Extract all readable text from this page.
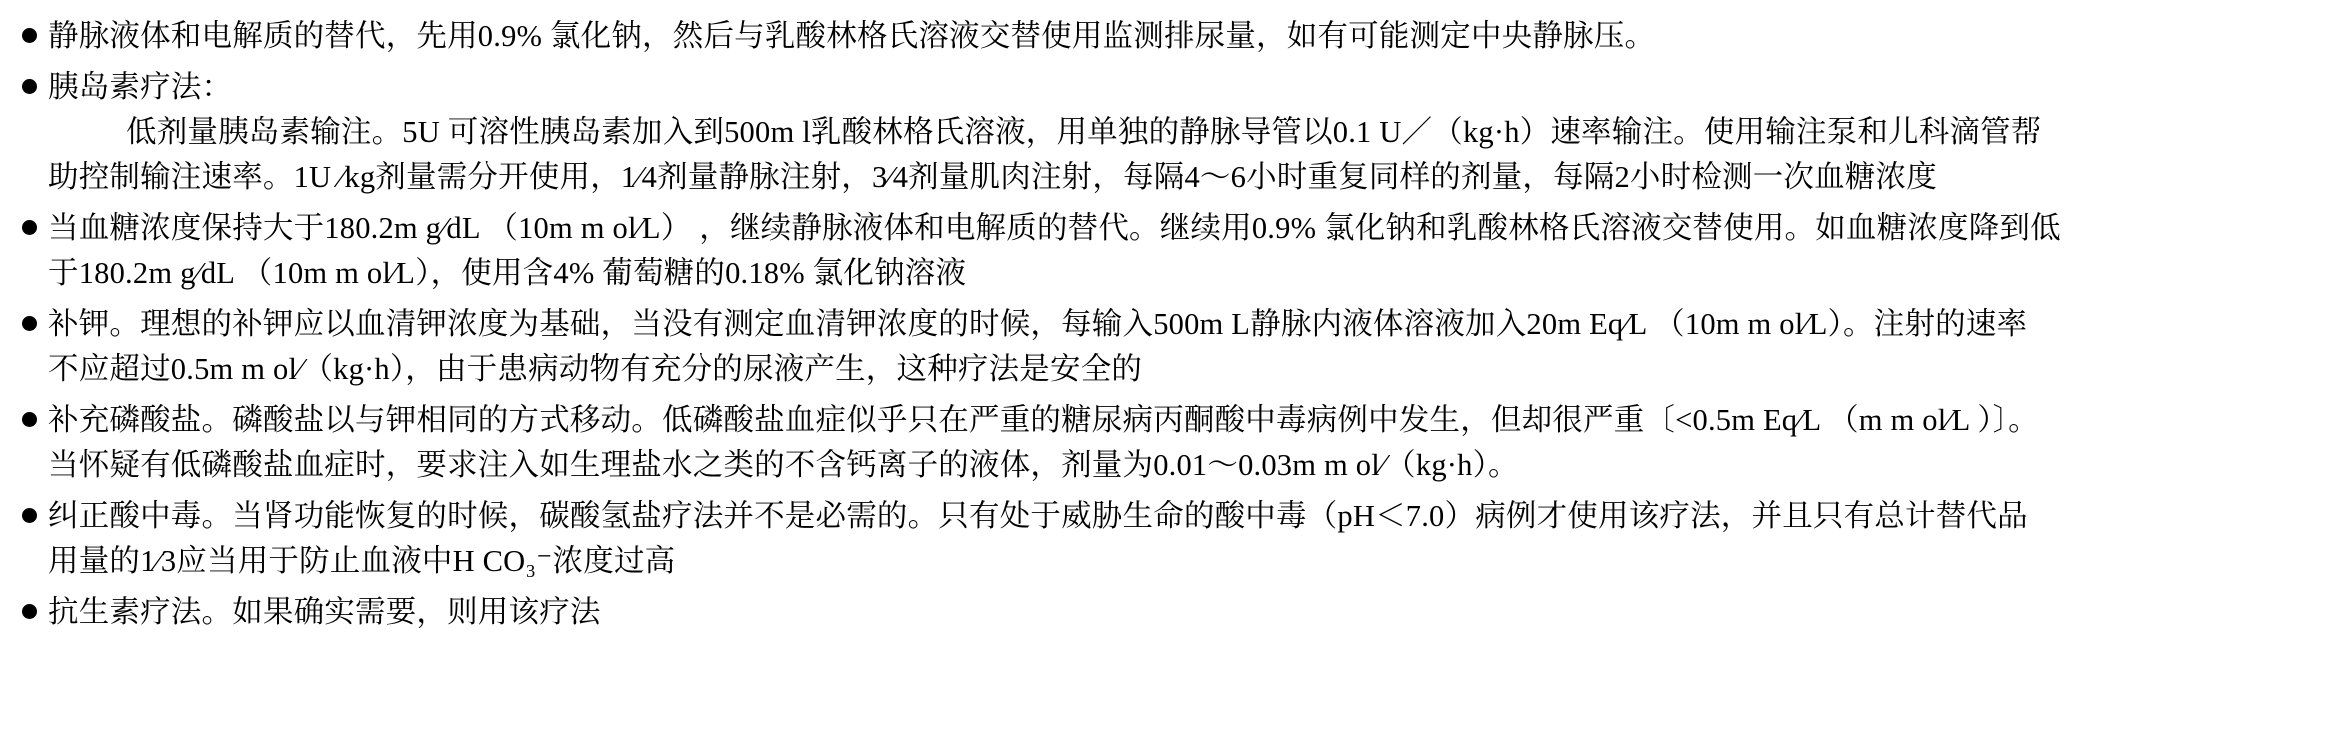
静脉液体和电解质的替代，先用0.9% 氯化钠，然后与乳酸林格氏溶液交替使用监测排尿量，如有可能测定中央静脉压。
胰岛素疗法：
低剂量胰岛素输注。5U 可溶性胰岛素加入到500m l乳酸林格氏溶液，用单独的静脉导管以0.1 U／（kg·h）速率输注。使用输注泵和儿科滴管帮
助控制输注速率。1U ∕kg剂量需分开使用，1∕4剂量静脉注射，3∕4剂量肌肉注射，每隔4～6小时重复同样的剂量，每隔2小时检测一次血糖浓度
当血糖浓度保持大于180.2m g∕dL （10m m ol∕L） ，继续静脉液体和电解质的替代。继续用0.9% 氯化钠和乳酸林格氏溶液交替使用。如血糖浓度降到低
于180.2m g∕dL （10m m ol∕L），使用含4% 葡萄糖的0.18% 氯化钠溶液
补钾。理想的补钾应以血清钾浓度为基础，当没有测定血清钾浓度的时候，每输入500m L静脉内液体溶液加入20m Eq∕L （10m m ol∕L）。注射的速率
不应超过0.5m m ol∕（kg·h），由于患病动物有充分的尿液产生，这种疗法是安全的
补充磷酸盐。磷酸盐以与钾相同的方式移动。低磷酸盐血症似乎只在严重的糖尿病丙酮酸中毒病例中发生，但却很严重〔<0.5m Eq∕L （m m ol∕L ）〕。
当怀疑有低磷酸盐血症时，要求注入如生理盐水之类的不含钙离子的液体，剂量为0.01～0.03m m ol∕（kg·h）。
纠正酸中毒。当肾功能恢复的时候，碳酸氢盐疗法并不是必需的。只有处于威胁生命的酸中毒（pH＜7.0）病例才使用该疗法，并且只有总计替代品
用量的1∕3应当用于防止血液中H CO₃⁻浓度过高
抗生素疗法。如果确实需要，则用该疗法
